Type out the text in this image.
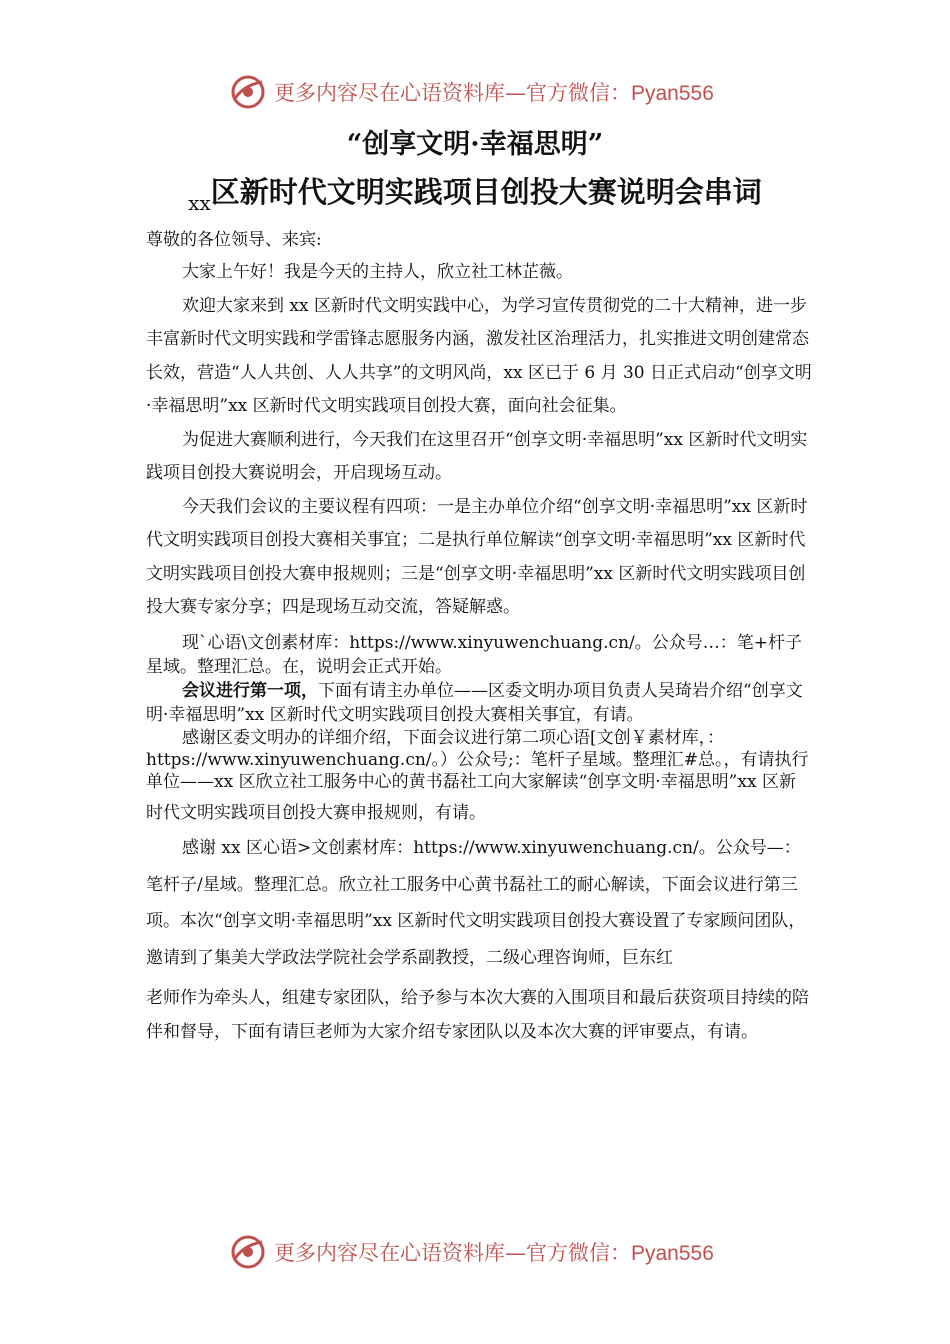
更多内容尽在心语资料库—官方微信：Pyan556
“创享文明·幸福思明”
$_{xx}$区新时代文明实践项目创投大赛说明会串词

尊敬的各位领导、来宾:

大家上午好！我是今天的主持人，欣立社工林芷薇。

欢迎大家来到 xx 区新时代文明实践中心，为学习宣传贯彻党的二十大精神，进一步丰富新时代文明实践和学雷锋志愿服务内涵，激发社区治理活力，扎实推进文明创建常态长效，营造“人人共创、人人共享”的文明风尚，xx 区已于 6 月 30 日正式启动“创享文明·幸福思明”xx 区新时代文明实践项目创投大赛，面向社会征集。

为促进大赛顺利进行，今天我们在这里召开“创享文明·幸福思明”xx 区新时代文明实践项目创投大赛说明会，开启现场互动。

今天我们会议的主要议程有四项：一是主办单位介绍“创享文明·幸福思明”xx 区新时代文明实践项目创投大赛相关事宜；二是执行单位解读“创享文明·幸福思明”xx 区新时代文明实践项目创投大赛申报规则；三是“创享文明·幸福思明”xx 区新时代文明实践项目创投大赛专家分享；四是现场互动交流，答疑解惑。

现`心语\文创素材库：https://www.xinyuwenchuang.cn/。公众号…：笔+杆子星域。整理汇总。在，说明会正式开始。

会议进行第一项，下面有请主办单位——区委文明办项目负责人吴琦岩介绍“创享文明·幸福思明”xx 区新时代文明实践项目创投大赛相关事宜，有请。

感谢区委文明办的详细介绍，下面会议进行第二项心语[文创￥素材库，：https://www.xinyuwenchuang.cn/。）公众号;：笔杆子星域。整理汇#总。，有请执行单位——xx 区欣立社工服务中心的黄书磊社工向大家解读“创享文明·幸福思明”xx 区新

时代文明实践项目创投大赛申报规则，有请。

感谢 xx 区心语>文创素材库：https://www.xinyuwenchuang.cn/。公众号—：笔杆子/星域。整理汇总。欣立社工服务中心黄书磊社工的耐心解读，下面会议进行第三项。本次“创享文明·幸福思明”xx 区新时代文明实践项目创投大赛设置了专家顾问团队，邀请到了集美大学政法学院社会学系副教授，二级心理咨询师，巨东红

老师作为牵头人，组建专家团队，给予参与本次大赛的入围项目和最后获资项目持续的陪伴和督导，下面有请巨老师为大家介绍专家团队以及本次大赛的评审要点，有请。

更多内容尽在心语资料库—官方微信：Pyan556
